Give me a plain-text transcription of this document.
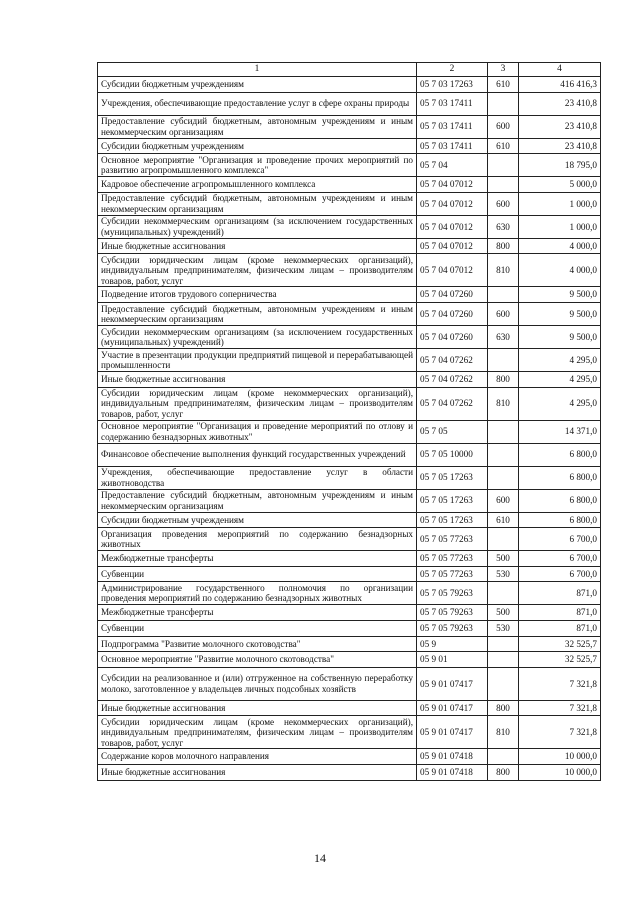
1	2	3	4
Субсидии бюджетным учреждениям	05 7 03 17263	610	416 416,3
Учреждения, обеспечивающие предоставление услуг в сфере охраны природы	05 7 03 17411		23 410,8
Предоставление субсидий бюджетным, автономным учреждениям и иным некоммерческим организациям	05 7 03 17411	600	23 410,8
Субсидии бюджетным учреждениям	05 7 03 17411	610	23 410,8
Основное мероприятие "Организация и проведение прочих мероприятий по развитию агропромышленного комплекса"	05 7 04		18 795,0
Кадровое обеспечение агропромышленного комплекса	05 7 04 07012		5 000,0
Предоставление субсидий бюджетным, автономным учреждениям и иным некоммерческим организациям	05 7 04 07012	600	1 000,0
Субсидии некоммерческим организациям (за исключением государственных (муниципальных) учреждений)	05 7 04 07012	630	1 000,0
Иные бюджетные ассигнования	05 7 04 07012	800	4 000,0
Субсидии юридическим лицам (кроме некоммерческих организаций), индивидуальным предпринимателям, физическим лицам – производителям товаров, работ, услуг	05 7 04 07012	810	4 000,0
Подведение итогов трудового соперничества	05 7 04 07260		9 500,0
Предоставление субсидий бюджетным, автономным учреждениям и иным некоммерческим организациям	05 7 04 07260	600	9 500,0
Субсидии некоммерческим организациям (за исключением государственных (муниципальных) учреждений)	05 7 04 07260	630	9 500,0
Участие в презентации продукции предприятий пищевой и перерабатывающей промышленности	05 7 04 07262		4 295,0
Иные бюджетные ассигнования	05 7 04 07262	800	4 295,0
Субсидии юридическим лицам (кроме некоммерческих организаций), индивидуальным предпринимателям, физическим лицам – производителям товаров, работ, услуг	05 7 04 07262	810	4 295,0
Основное мероприятие "Организация и проведение мероприятий по отлову и содержанию безнадзорных животных"	05 7 05		14 371,0
Финансовое обеспечение выполнения функций государственных учреждений	05 7 05 10000		6 800,0
Учреждения, обеспечивающие предоставление услуг в области животноводства	05 7 05 17263		6 800,0
Предоставление субсидий бюджетным, автономным учреждениям и иным некоммерческим организациям	05 7 05 17263	600	6 800,0
Субсидии бюджетным учреждениям	05 7 05 17263	610	6 800,0
Организация проведения мероприятий по содержанию безнадзорных животных	05 7 05 77263		6 700,0
Межбюджетные трансферты	05 7 05 77263	500	6 700,0
Субвенции	05 7 05 77263	530	6 700,0
Администрирование государственного полномочия по организации проведения мероприятий по содержанию безнадзорных животных	05 7 05 79263		871,0
Межбюджетные трансферты	05 7 05 79263	500	871,0
Субвенции	05 7 05 79263	530	871,0
Подпрограмма "Развитие молочного скотоводства"	05 9		32 525,7
Основное мероприятие "Развитие молочного скотоводства"	05 9 01		32 525,7
Субсидии на реализованное и (или) отгруженное на собственную переработку молоко, заготовленное у владельцев личных подсобных хозяйств	05 9 01 07417		7 321,8
Иные бюджетные ассигнования	05 9 01 07417	800	7 321,8
Субсидии юридическим лицам (кроме некоммерческих организаций), индивидуальным предпринимателям, физическим лицам – производителям товаров, работ, услуг	05 9 01 07417	810	7 321,8
Содержание коров молочного направления	05 9 01 07418		10 000,0
Иные бюджетные ассигнования	05 9 01 07418	800	10 000,0
14
